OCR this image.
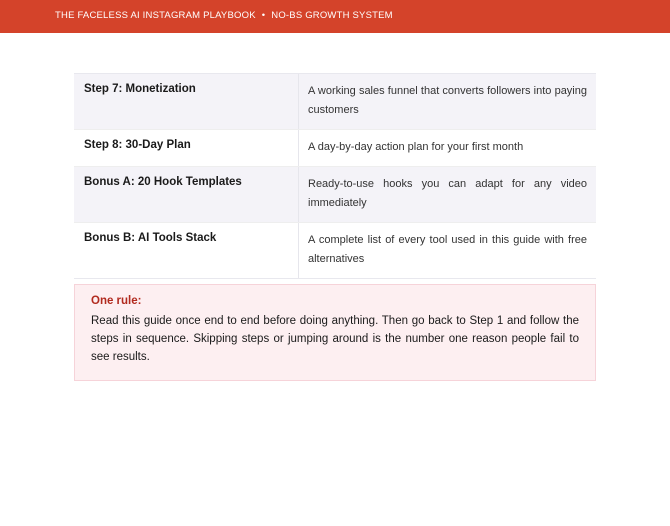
THE FACELESS AI INSTAGRAM PLAYBOOK • NO-BS GROWTH SYSTEM
Step 7: Monetization	A working sales funnel that converts followers into paying customers
Step 8: 30-Day Plan	A day-by-day action plan for your first month
Bonus A: 20 Hook Templates	Ready-to-use hooks you can adapt for any video immediately
Bonus B: AI Tools Stack	A complete list of every tool used in this guide with free alternatives
One rule:
Read this guide once end to end before doing anything. Then go back to Step 1 and follow the steps in sequence. Skipping steps or jumping around is the number one reason people fail to see results.
